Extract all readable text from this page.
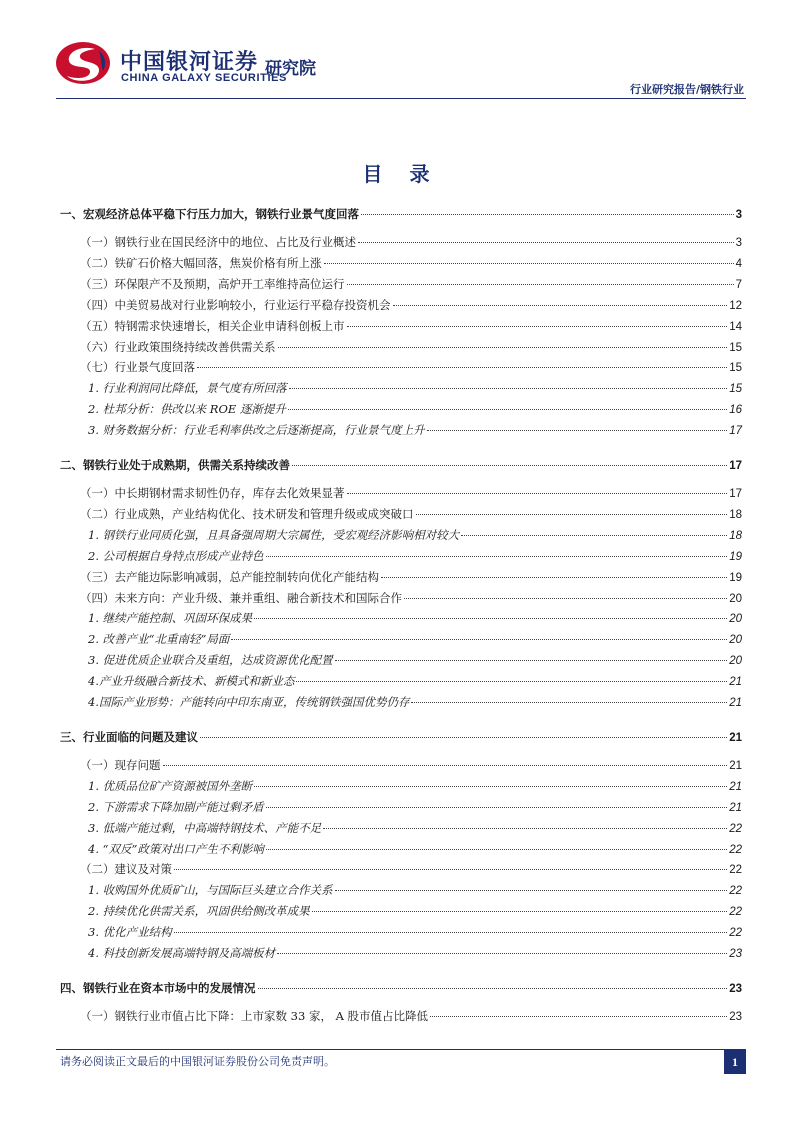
中国银河证券
CHINA GALAXY SECURITIES
研究院
行业研究报告/钢铁行业
目 录
一、宏观经济总体平稳下行压力加大，钢铁行业景气度回落	3
（一）钢铁行业在国民经济中的地位、占比及行业概述	3
（二）铁矿石价格大幅回落，焦炭价格有所上涨	4
（三）环保限产不及预期，高炉开工率维持高位运行	7
（四）中美贸易战对行业影响较小，行业运行平稳存投资机会	12
（五）特钢需求快速增长，相关企业申请科创板上市	14
（六）行业政策围绕持续改善供需关系	15
（七）行业景气度回落	15
1. 行业利润同比降低，景气度有所回落	15
2. 杜邦分析：供改以来 ROE 逐渐提升	16
3. 财务数据分析：行业毛利率供改之后逐渐提高，行业景气度上升	17
二、钢铁行业处于成熟期，供需关系持续改善	17
（一）中长期钢材需求韧性仍存，库存去化效果显著	17
（二）行业成熟，产业结构优化、技术研发和管理升级或成突破口	18
1. 钢铁行业同质化强，且具备强周期大宗属性，受宏观经济影响相对较大	18
2. 公司根据自身特点形成产业特色	19
（三）去产能边际影响减弱，总产能控制转向优化产能结构	19
（四）未来方向：产业升级、兼并重组、融合新技术和国际合作	20
1. 继续产能控制、巩固环保成果	20
2. 改善产业“北重南轻”局面	20
3. 促进优质企业联合及重组，达成资源优化配置	20
4.产业升级融合新技术、新模式和新业态	21
4.国际产业形势：产能转向中印东南亚，传统钢铁强国优势仍存	21
三、行业面临的问题及建议	21
（一）现存问题	21
1. 优质品位矿产资源被国外垄断	21
2. 下游需求下降加剧产能过剩矛盾	21
3. 低端产能过剩，中高端特钢技术、产能不足	22
4. “双反”政策对出口产生不利影响	22
（二）建议及对策	22
1. 收购国外优质矿山，与国际巨头建立合作关系	22
2. 持续优化供需关系，巩固供给侧改革成果	22
3. 优化产业结构	22
4. 科技创新发展高端特钢及高端板材	23
四、钢铁行业在资本市场中的发展情况	23
（一）钢铁行业市值占比下降：上市家数 33 家， A 股市值占比降低	23
请务必阅读正文最后的中国银河证券股份公司免责声明。	1
